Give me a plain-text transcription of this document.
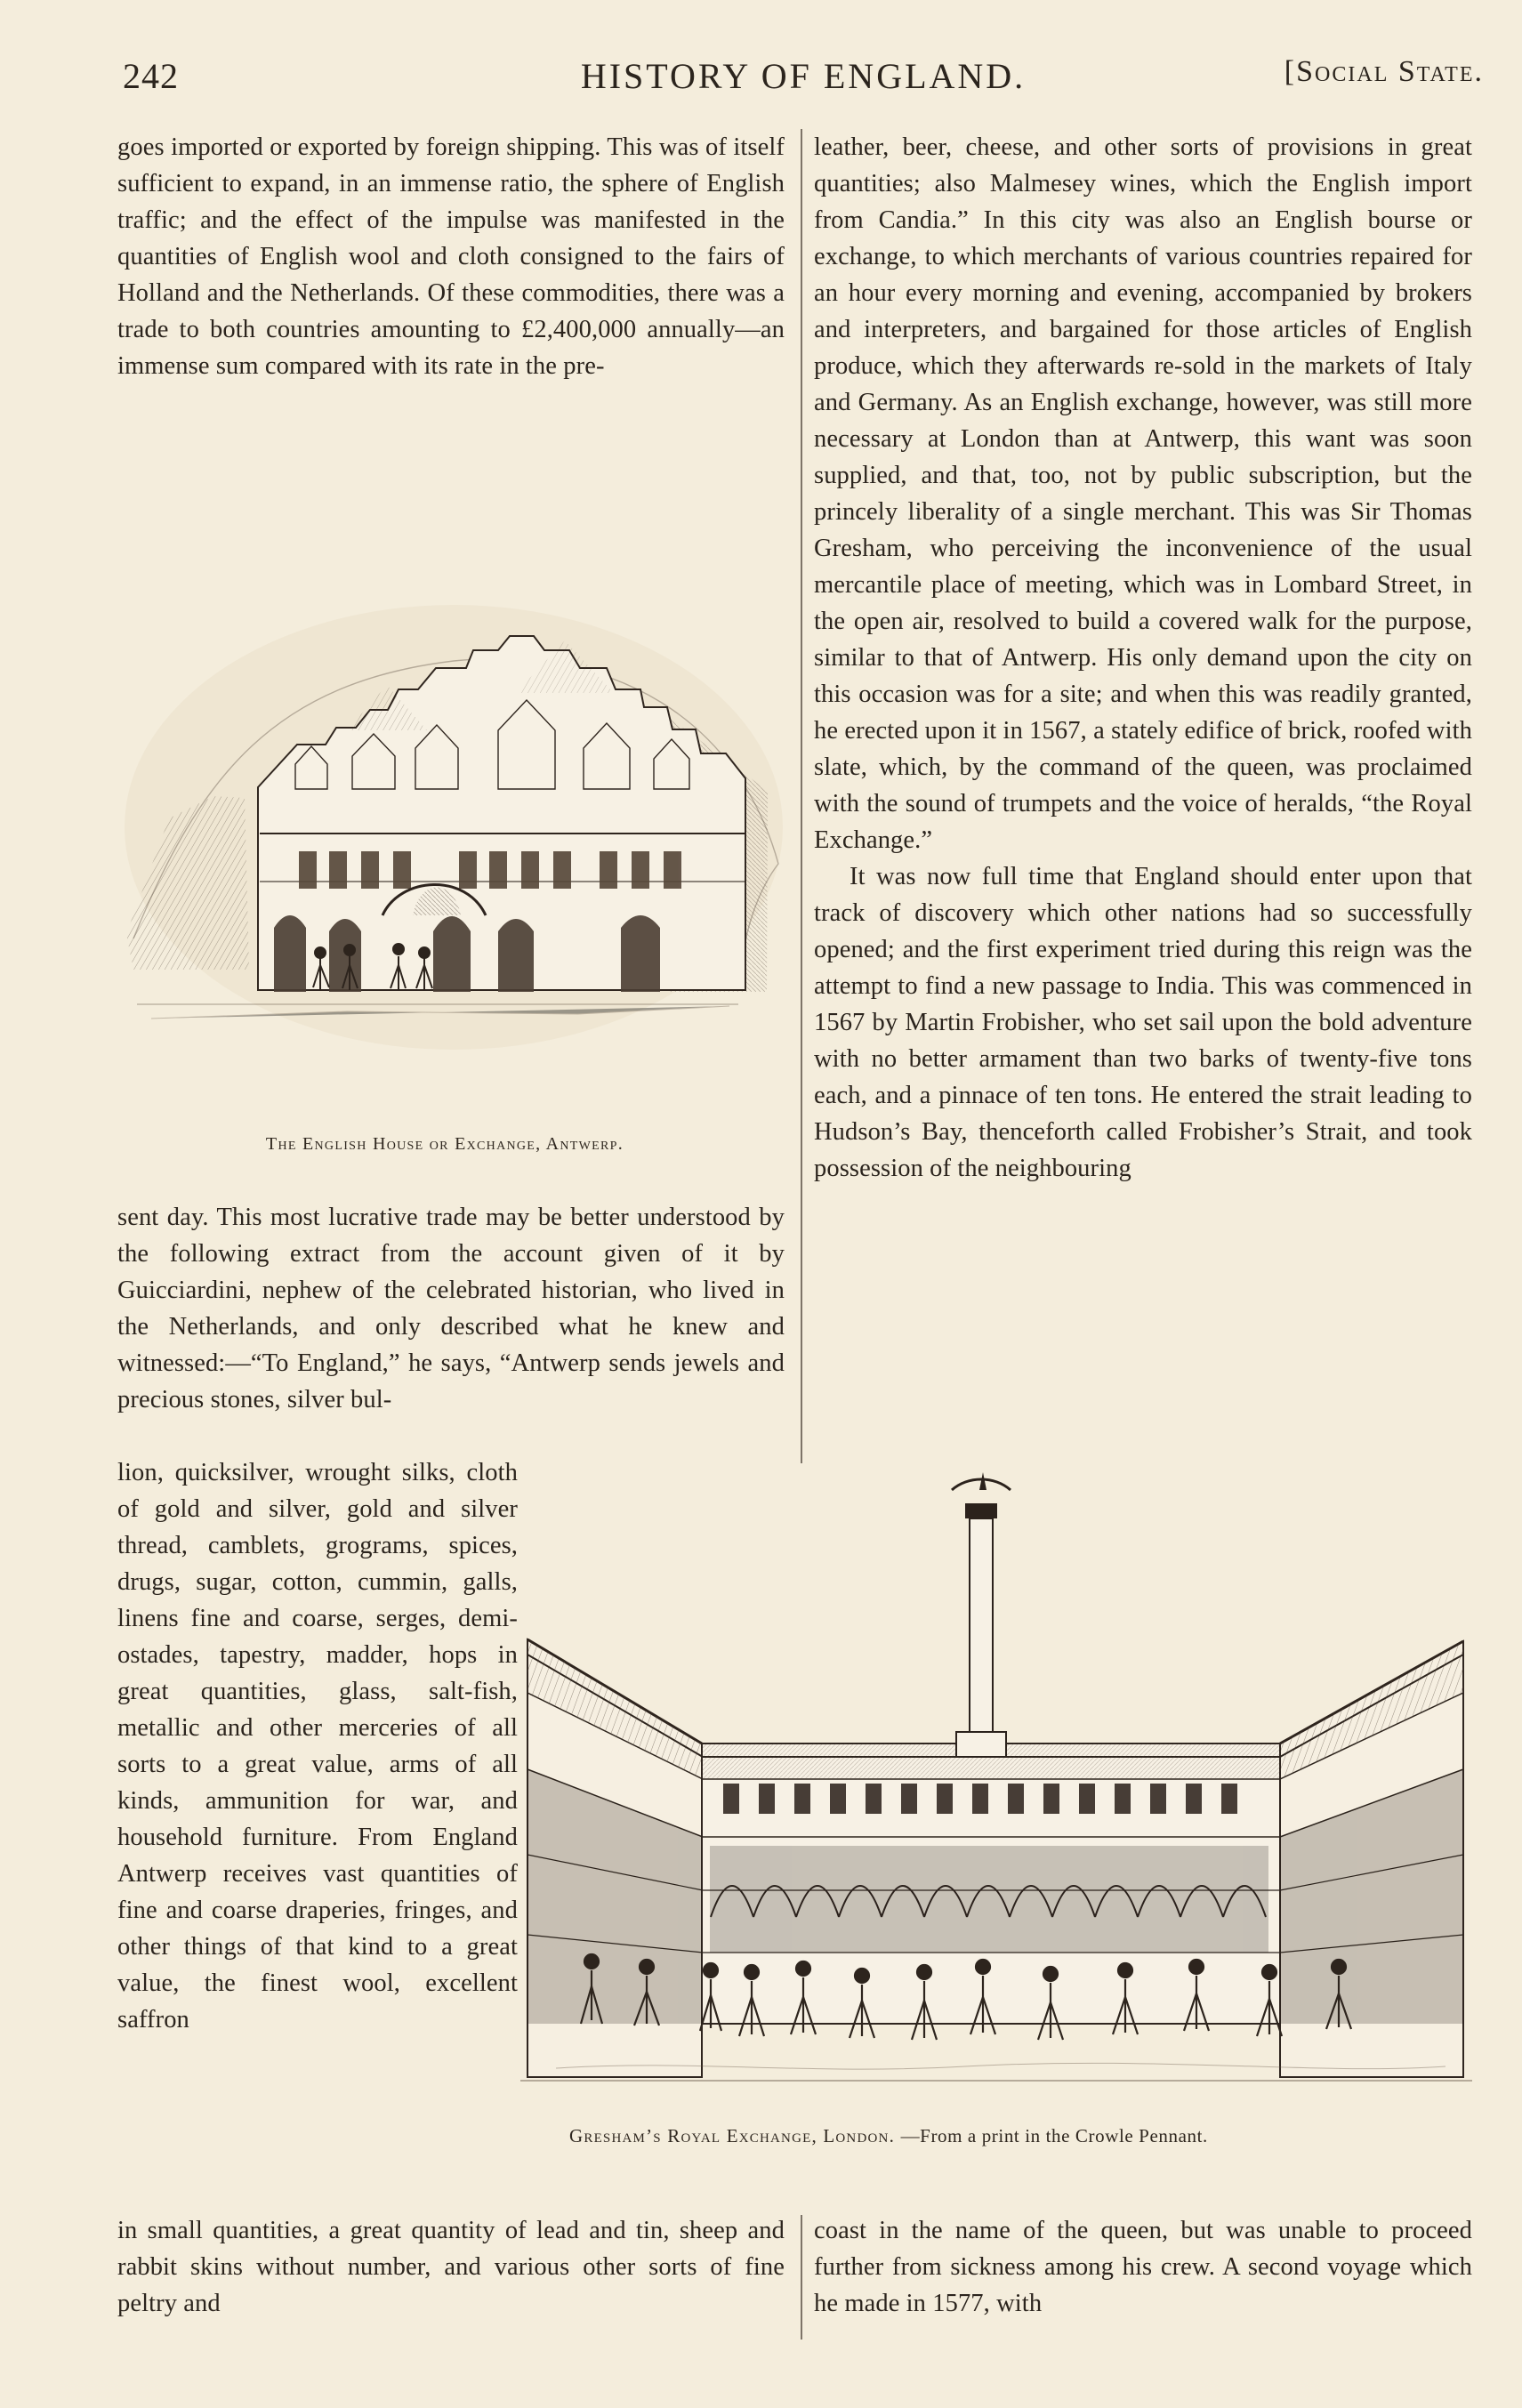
242	HISTORY OF ENGLAND.	[Social State.

goes imported or exported by foreign shipping. This was of itself sufficient to expand, in an immense ratio, the sphere of English traffic; and the effect of the impulse was manifested in the quantities of English wool and cloth consigned to the fairs of Holland and the Netherlands. Of these commodities, there was a trade to both countries amounting to £2,400,000 annually—an immense sum compared with its rate in the pre-

The English House or Exchange, Antwerp.

leather, beer, cheese, and other sorts of provisions in great quantities; also Malmesey wines, which the English import from Candia.” In this city was also an English bourse or exchange, to which merchants of various countries repaired for an hour every morning and evening, accompanied by brokers and interpreters, and bargained for those articles of English produce, which they afterwards re-sold in the markets of Italy and Germany. As an English exchange, however, was still more necessary at London than at Antwerp, this want was soon supplied, and that, too, not by public subscription, but the princely liberality of a single merchant. This was Sir Thomas Gresham, who perceiving the inconvenience of the usual mercantile place of meeting, which was in Lombard Street, in the open air, resolved to build a covered walk for the purpose, similar to that of Antwerp. His only demand upon the city on this occasion was for a site; and when this was readily granted, he erected upon it in 1567, a stately edifice of brick, roofed with slate, which, by the command of the queen, was proclaimed with the sound of trumpets and the voice of heralds, “the Royal Exchange.”

It was now full time that England should enter upon that track of discovery which other nations had so successfully opened; and the first experiment tried during this reign was the attempt to find a new passage to India. This was commenced in 1567 by Martin Frobisher, who set sail upon the bold adventure with no better armament than two barks of twenty-five tons each, and a pinnace of ten tons. He entered the strait leading to Hudson’s Bay, thenceforth called Frobisher’s Strait, and took possession of the neighbouring

sent day. This most lucrative trade may be better understood by the following extract from the account given of it by Guicciardini, nephew of the celebrated historian, who lived in the Netherlands, and only described what he knew and witnessed:—“To England,” he says, “Antwerp sends jewels and precious stones, silver bul-

lion, quicksilver, wrought silks, cloth of gold and silver, gold and silver thread, camblets, grograms, spices, drugs, sugar, cotton, cummin, galls, linens fine and coarse, serges, demi-ostades, tapestry, madder, hops in great quantities, glass, salt-fish, metallic and other merceries of all sorts to a great value, arms of all kinds, ammunition for war, and household furniture. From England Antwerp receives vast quantities of fine and coarse draperies, fringes, and other things of that kind to a great value, the finest wool, excellent saffron

Gresham’s Royal Exchange, London. —From a print in the Crowle Pennant.

in small quantities, a great quantity of lead and tin, sheep and rabbit skins without number, and various other sorts of fine peltry and

coast in the name of the queen, but was unable to proceed further from sickness among his crew. A second voyage which he made in 1577, with
